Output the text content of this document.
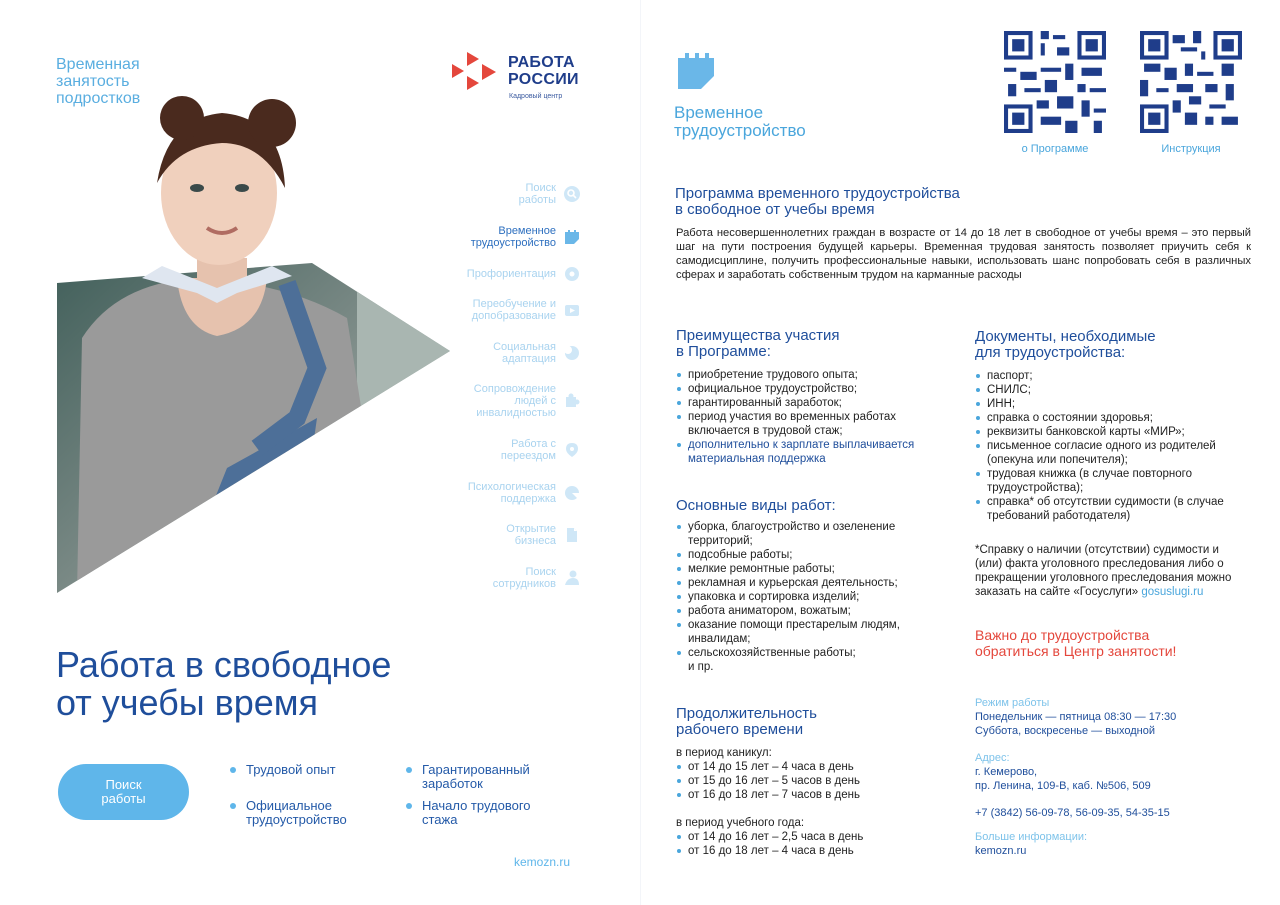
Временная занятость подростков
РАБОТА
РОССИИ
Кадровый центр
Поиск работы
Временное трудоустройство
Профориентация
Переобучение и допобразование
Социальная адаптация
Сопровождение людей с инвалидностью
Работа с переездом
Психологическая поддержка
Открытие бизнеса
Поиск сотрудников
Работа в свободное
от учебы время
Поиск работы
Трудовой опыт
Официальное трудоустройство
Гарантированный заработок
Начало трудового стажа
kemozn.ru
Временное трудоустройство
о Программе	Инструкция
Программа временного трудоустройства
в свободное от учебы время
Работа несовершеннолетних граждан в возрасте от 14 до 18 лет в свободное от учебы время – это первый шаг на пути построения будущей карьеры. Временная трудовая занятость позволяет приучить себя к самодисциплине, получить профессиональные навыки, использовать шанс попробовать себя в различных сферах и заработать собственным трудом на карманные расходы
Преимущества участия
в Программе:
приобретение трудового опыта;
официальное трудоустройство;
гарантированный заработок;
период участия во временных работах включается в трудовой стаж;
дополнительно к зарплате выплачивается материальная поддержка
Основные виды работ:
уборка, благоустройство и озеленение территорий;
подсобные работы;
мелкие ремонтные работы;
рекламная и курьерская деятельность;
упаковка и сортировка изделий;
работа аниматором, вожатым;
оказание помощи престарелым людям, инвалидам;
сельскохозяйственные работы;
и пр.
Продолжительность
рабочего времени
в период каникул:
от 14 до 15 лет – 4 часа в день
от 15 до 16 лет – 5 часов в день
от 16 до 18 лет – 7 часов в день
в период учебного года:
от 14 до 16 лет – 2,5 часа в день
от 16 до 18 лет – 4 часа в день
Документы, необходимые
для трудоустройства:
паспорт;
СНИЛС;
ИНН;
справка о состоянии здоровья;
реквизиты банковской карты «МИР»;
письменное согласие одного из родителей (опекуна или попечителя);
трудовая книжка (в случае повторного трудоустройства);
справка* об отсутствии судимости (в случае требований работодателя)
*Справку о наличии (отсутствии) судимости и (или) факта уголовного преследования либо о прекращении уголовного преследования можно заказать на сайте «Госуслуги» gosuslugi.ru
Важно до трудоустройства
обратиться в Центр занятости!
Режим работы
Понедельник — пятница 08:30 — 17:30
Суббота, воскресенье — выходной
Адрес:
г. Кемерово,
пр. Ленина, 109-В, каб. №506, 509
+7 (3842) 56-09-78, 56-09-35, 54-35-15
Больше информации:
kemozn.ru
